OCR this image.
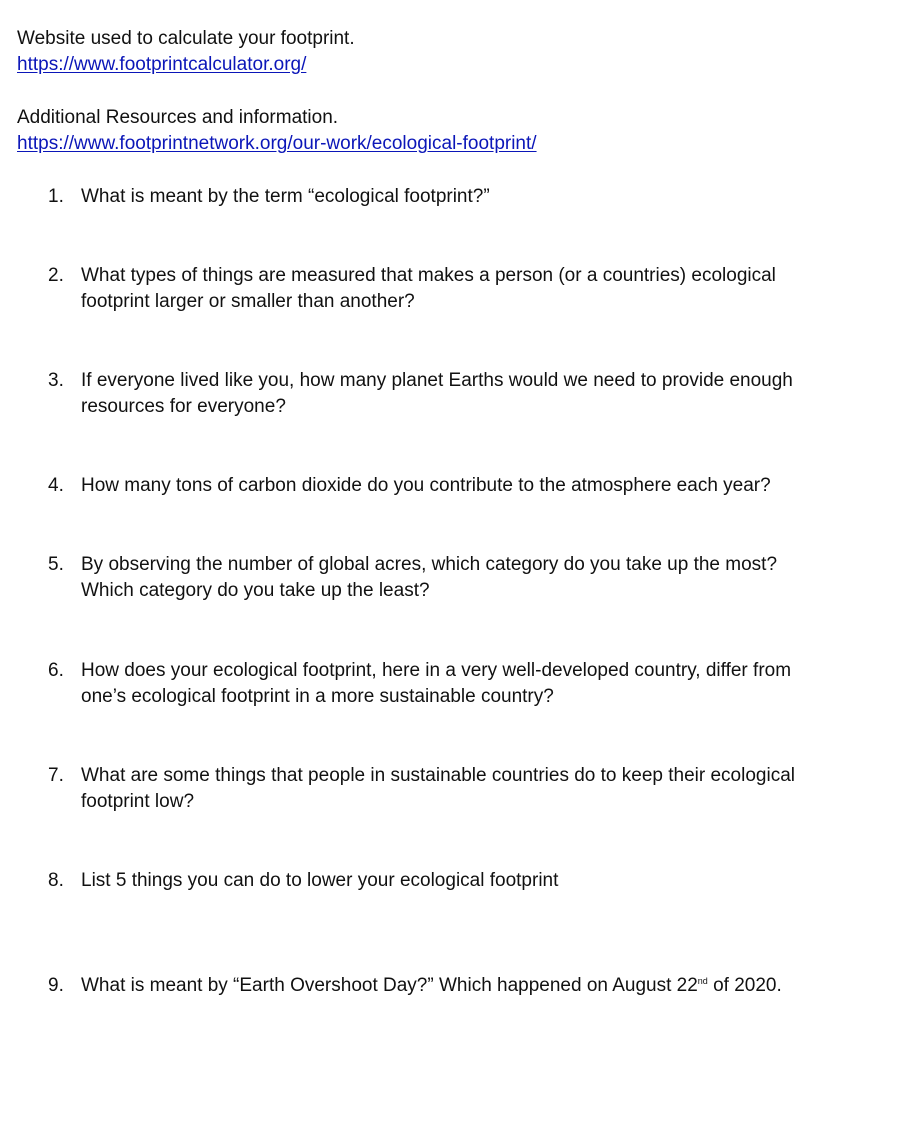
Website used to calculate your footprint.
https://www.footprintcalculator.org/
Additional Resources and information.
https://www.footprintnetwork.org/our-work/ecological-footprint/
1. What is meant by the term “ecological footprint?”
2. What types of things are measured that makes a person (or a countries) ecological
footprint larger or smaller than another?
3. If everyone lived like you, how many planet Earths would we need to provide enough
resources for everyone?
4. How many tons of carbon dioxide do you contribute to the atmosphere each year?
5. By observing the number of global acres, which category do you take up the most?
Which category do you take up the least?
6. How does your ecological footprint, here in a very well-developed country, differ from
one’s ecological footprint in a more sustainable country?
7. What are some things that people in sustainable countries do to keep their ecological
footprint low?
8. List 5 things you can do to lower your ecological footprint
9. What is meant by “Earth Overshoot Day?” Which happened on August 22nd of 2020.
